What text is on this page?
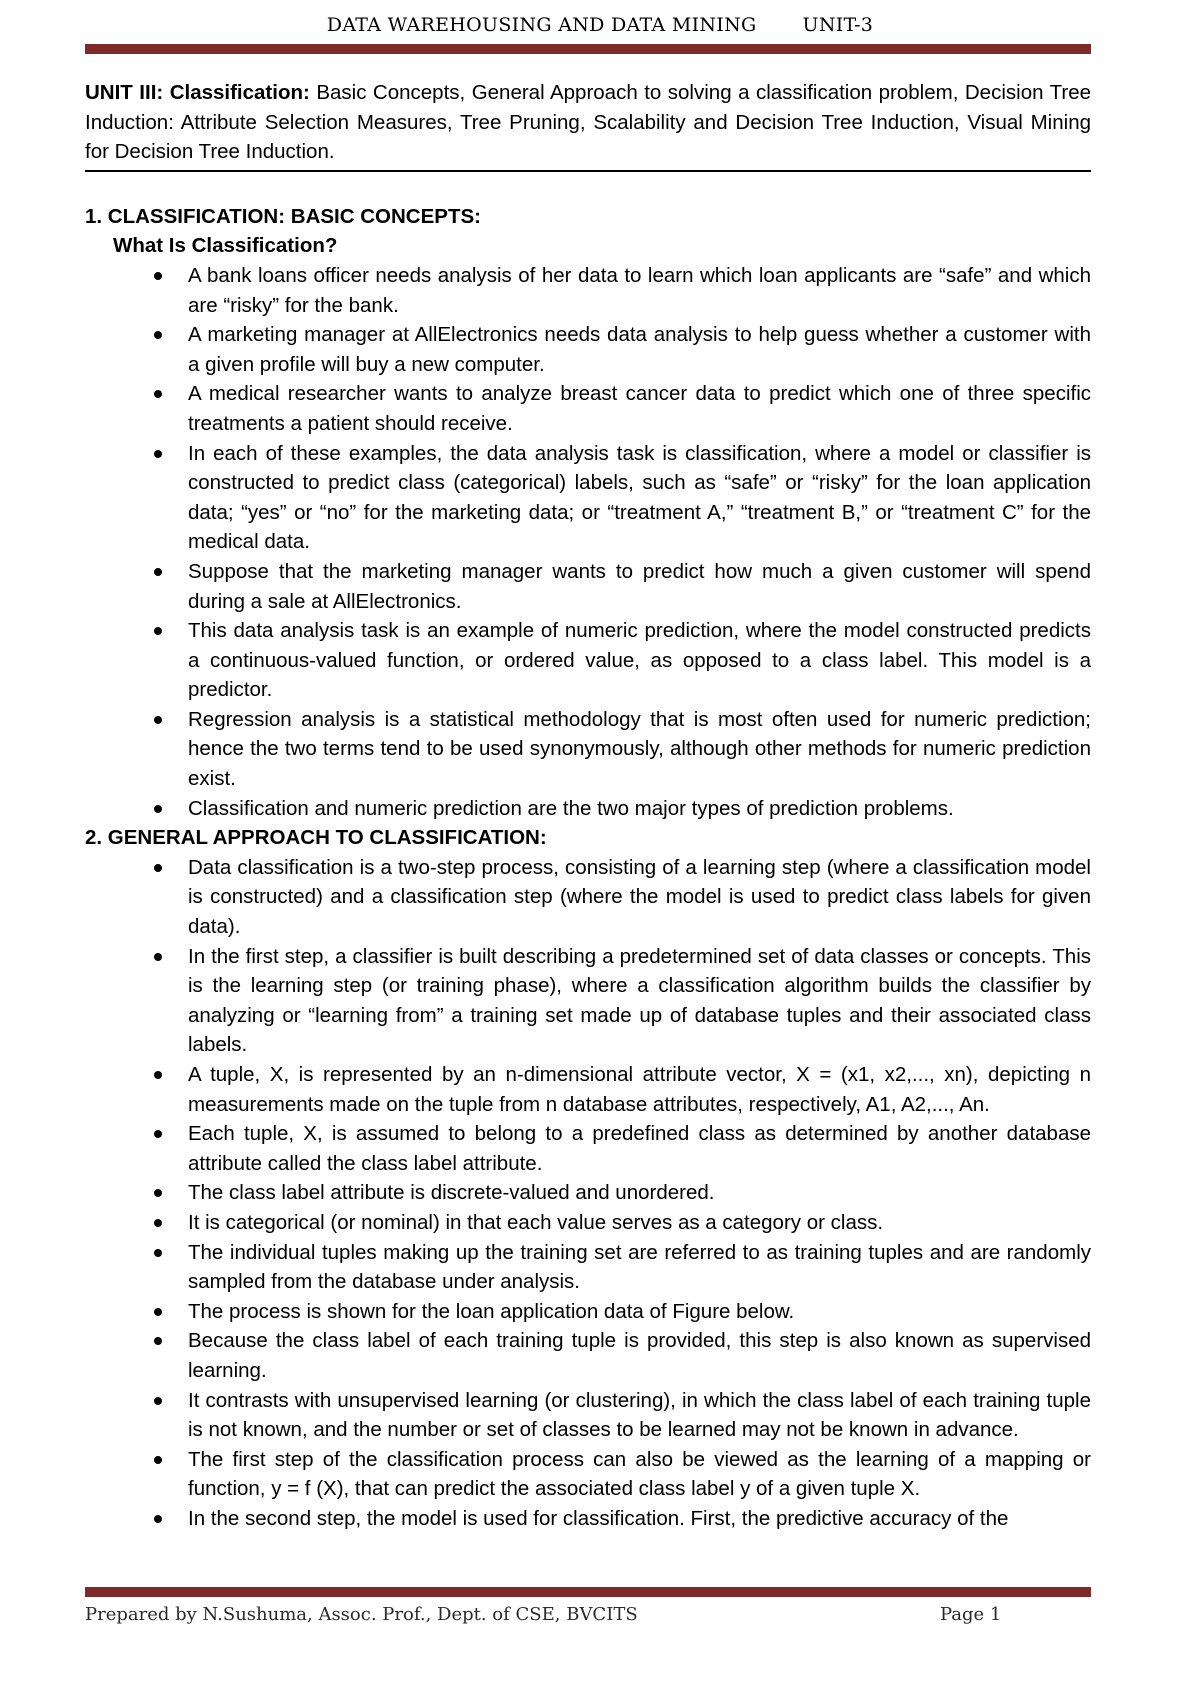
DATA WAREHOUSING AND DATA MINING UNIT-3

UNIT III: Classification: Basic Concepts, General Approach to solving a classification problem, Decision Tree Induction: Attribute Selection Measures, Tree Pruning, Scalability and Decision Tree Induction, Visual Mining for Decision Tree Induction.

1. CLASSIFICATION: BASIC CONCEPTS:

What Is Classification?

A bank loans officer needs analysis of her data to learn which loan applicants are “safe” and which are “risky” for the bank.
A marketing manager at AllElectronics needs data analysis to help guess whether a customer with a given profile will buy a new computer.
A medical researcher wants to analyze breast cancer data to predict which one of three specific treatments a patient should receive.
In each of these examples, the data analysis task is classification, where a model or classifier is constructed to predict class (categorical) labels, such as “safe” or “risky” for the loan application data; “yes” or “no” for the marketing data; or “treatment A,” “treatment B,” or “treatment C” for the medical data.
Suppose that the marketing manager wants to predict how much a given customer will spend during a sale at AllElectronics.
This data analysis task is an example of numeric prediction, where the model constructed predicts a continuous-valued function, or ordered value, as opposed to a class label. This model is a predictor.
Regression analysis is a statistical methodology that is most often used for numeric prediction; hence the two terms tend to be used synonymously, although other methods for numeric prediction exist.
Classification and numeric prediction are the two major types of prediction problems.

2. GENERAL APPROACH TO CLASSIFICATION:

Data classification is a two-step process, consisting of a learning step (where a classification model is constructed) and a classification step (where the model is used to predict class labels for given data).
In the first step, a classifier is built describing a predetermined set of data classes or concepts. This is the learning step (or training phase), where a classification algorithm builds the classifier by analyzing or “learning from” a training set made up of database tuples and their associated class labels.
A tuple, X, is represented by an n-dimensional attribute vector, X = (x1, x2,..., xn), depicting n measurements made on the tuple from n database attributes, respectively, A1, A2,..., An.
Each tuple, X, is assumed to belong to a predefined class as determined by another database attribute called the class label attribute.
The class label attribute is discrete-valued and unordered.
It is categorical (or nominal) in that each value serves as a category or class.
The individual tuples making up the training set are referred to as training tuples and are randomly sampled from the database under analysis.
The process is shown for the loan application data of Figure below.
Because the class label of each training tuple is provided, this step is also known as supervised learning.
It contrasts with unsupervised learning (or clustering), in which the class label of each training tuple is not known, and the number or set of classes to be learned may not be known in advance.
The first step of the classification process can also be viewed as the learning of a mapping or function, y = f (X), that can predict the associated class label y of a given tuple X.
In the second step, the model is used for classification. First, the predictive accuracy of the
Prepared by N.Sushuma, Assoc. Prof., Dept. of CSE, BVCITS	Page 1
